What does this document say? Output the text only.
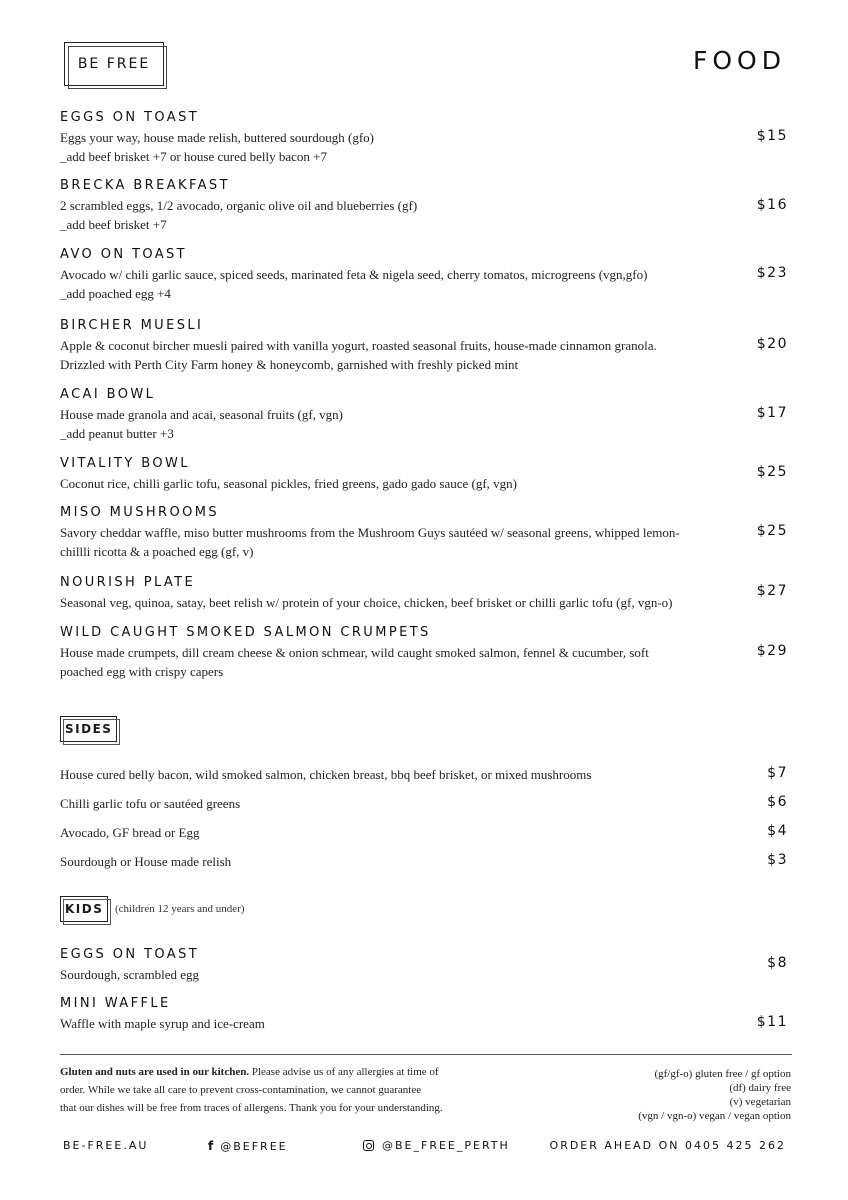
BE FREE	FOOD
EGGS ON TOAST
Eggs your way, house made relish, buttered sourdough (gfo)
_add beef brisket +7 or house cured belly bacon +7
$15
BRECKA BREAKFAST
2 scrambled eggs, 1/2 avocado, organic olive oil and blueberries (gf)
_add beef brisket +7
$16
AVO ON TOAST
Avocado w/ chili garlic sauce, spiced seeds, marinated feta & nigela seed, cherry tomatos, microgreens (vgn,gfo)
_add poached egg +4
$23
BIRCHER MUESLI
Apple & coconut bircher muesli paired with vanilla yogurt, roasted seasonal fruits, house-made cinnamon granola.
Drizzled with Perth City Farm honey & honeycomb, garnished with freshly picked mint
$20
ACAI BOWL
House made granola and acai, seasonal fruits (gf, vgn)
_add peanut butter +3
$17
VITALITY BOWL
Coconut rice, chilli garlic tofu, seasonal pickles, fried greens, gado gado sauce (gf, vgn)
$25
MISO MUSHROOMS
Savory cheddar waffle, miso butter mushrooms from the Mushroom Guys sautéed w/ seasonal greens, whipped lemon-
chillli ricotta & a poached egg (gf, v)
$25
NOURISH PLATE
Seasonal veg, quinoa, satay, beet relish w/ protein of your choice, chicken, beef brisket or chilli garlic tofu (gf, vgn-o)
$27
WILD CAUGHT SMOKED SALMON CRUMPETS
House made crumpets, dill cream cheese & onion schmear, wild caught smoked salmon, fennel & cucumber, soft
poached egg with crispy capers
$29
SIDES
House cured belly bacon, wild smoked salmon, chicken breast, bbq beef brisket, or mixed mushrooms	$7
Chilli garlic tofu or sautéed greens	$6
Avocado, GF bread or Egg	$4
Sourdough or House made relish	$3
KIDS	(children 12 years and under)
EGGS ON TOAST
Sourdough, scrambled egg
$8
MINI WAFFLE
Waffle with maple syrup and ice-cream	$11
Gluten and nuts are used in our kitchen. Please advise us of any allergies at time of
order. While we take all care to prevent cross-contamination, we cannot guarantee
that our dishes will be free from traces of allergens. Thank you for your understanding.
(gf/gf-o) gluten free / gf option
(df) dairy free
(v) vegetarian
(vgn / vgn-o) vegan / vegan option
BE-FREE.AU	f @BEFREE	@BE_FREE_PERTH	ORDER AHEAD ON 0405 425 262
